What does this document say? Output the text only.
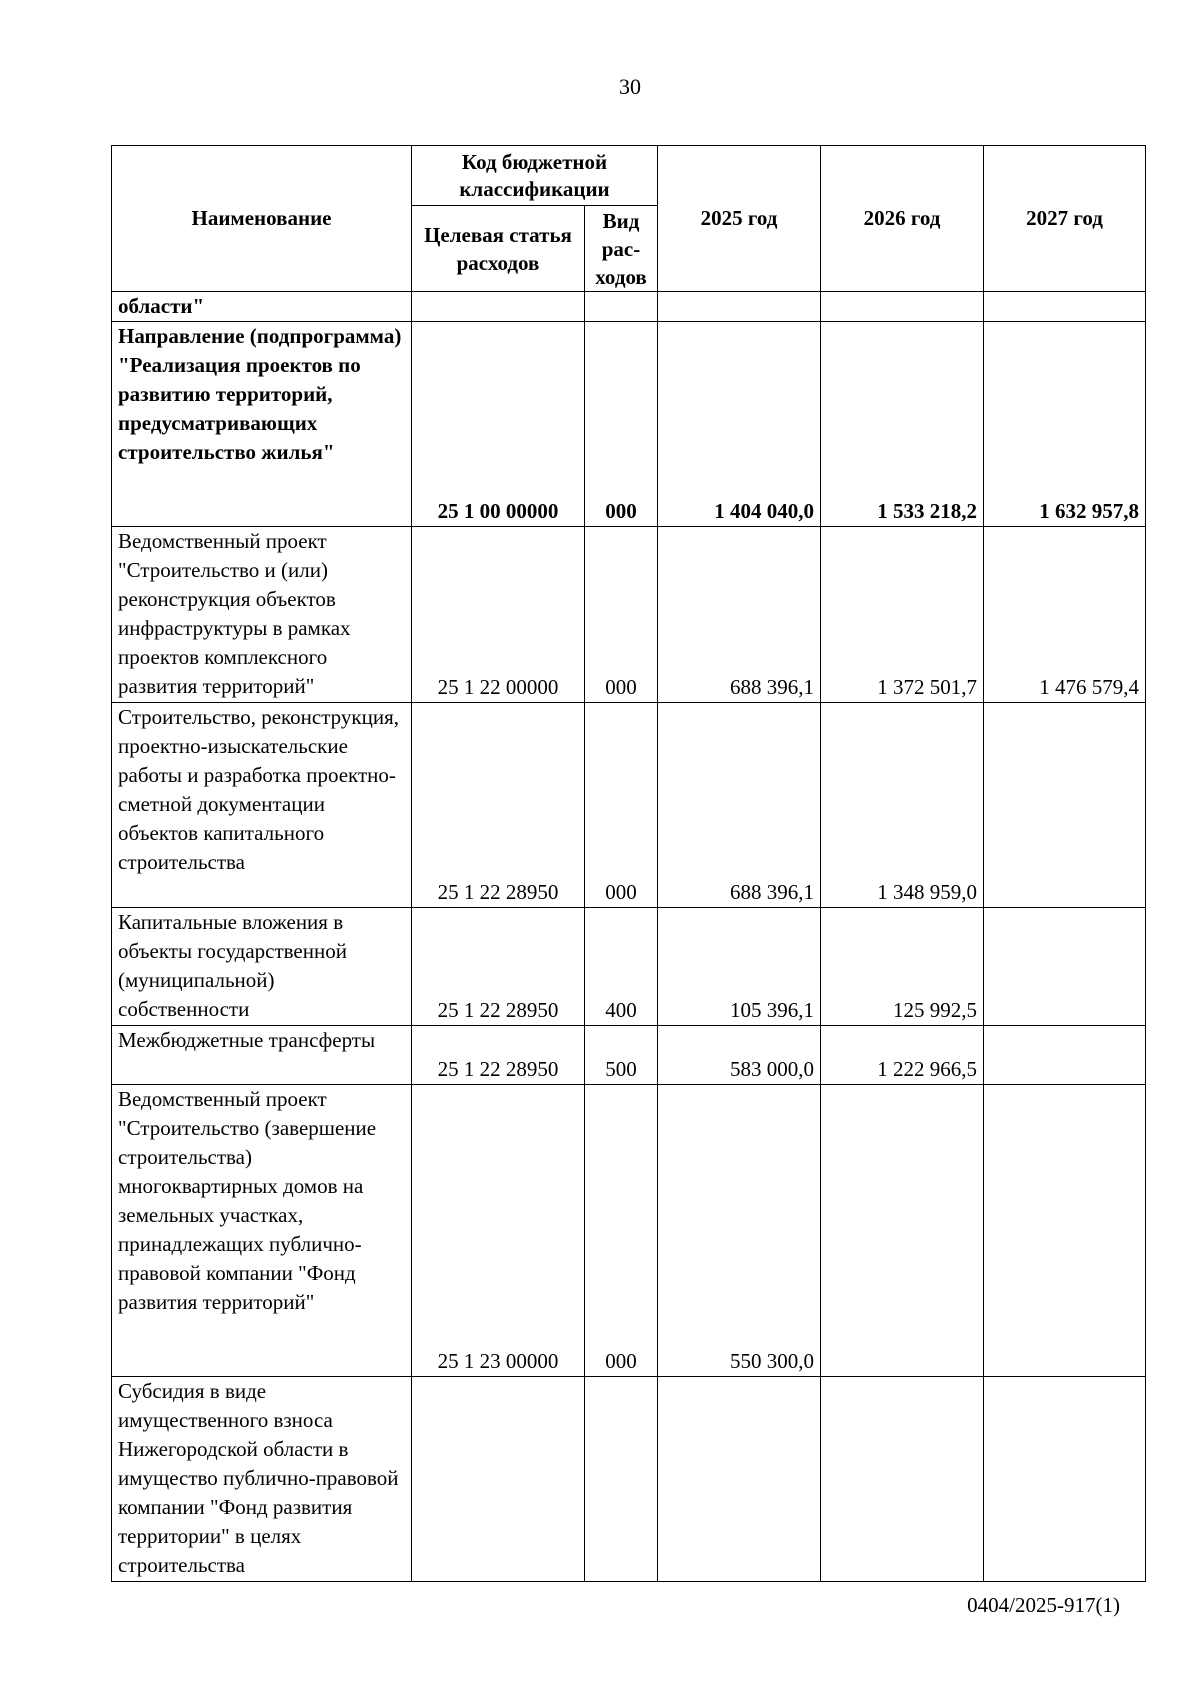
30
Наименование	Код бюджетной классификации		2025 год	2026 год	2027 год
	Целевая статья расходов	Вид рас-ходов			
области"					
Направление (подпрограмма) "Реализация проектов по развитию территорий, предусматривающих строительство жилья"	25 1 00 00000	000	1 404 040,0	1 533 218,2	1 632 957,8
Ведомственный проект "Строительство и (или) реконструкция объектов инфраструктуры в рамках проектов комплексного развития территорий"	25 1 22 00000	000	688 396,1	1 372 501,7	1 476 579,4
Строительство, реконструкция, проектно-изыскательские работы и разработка проектно-сметной документации объектов капитального строительства	25 1 22 28950	000	688 396,1	1 348 959,0	
Капитальные вложения в объекты государственной (муниципальной) собственности	25 1 22 28950	400	105 396,1	125 992,5	
Межбюджетные трансферты	25 1 22 28950	500	583 000,0	1 222 966,5	
Ведомственный проект "Строительство (завершение строительства) многоквартирных домов на земельных участках, принадлежащих публично-правовой компании "Фонд развития территорий"	25 1 23 00000	000	550 300,0		
Субсидия в виде имущественного взноса Нижегородской области в имущество публично-правовой компании "Фонд развития территории" в целях строительства					
0404/2025-917(1)
